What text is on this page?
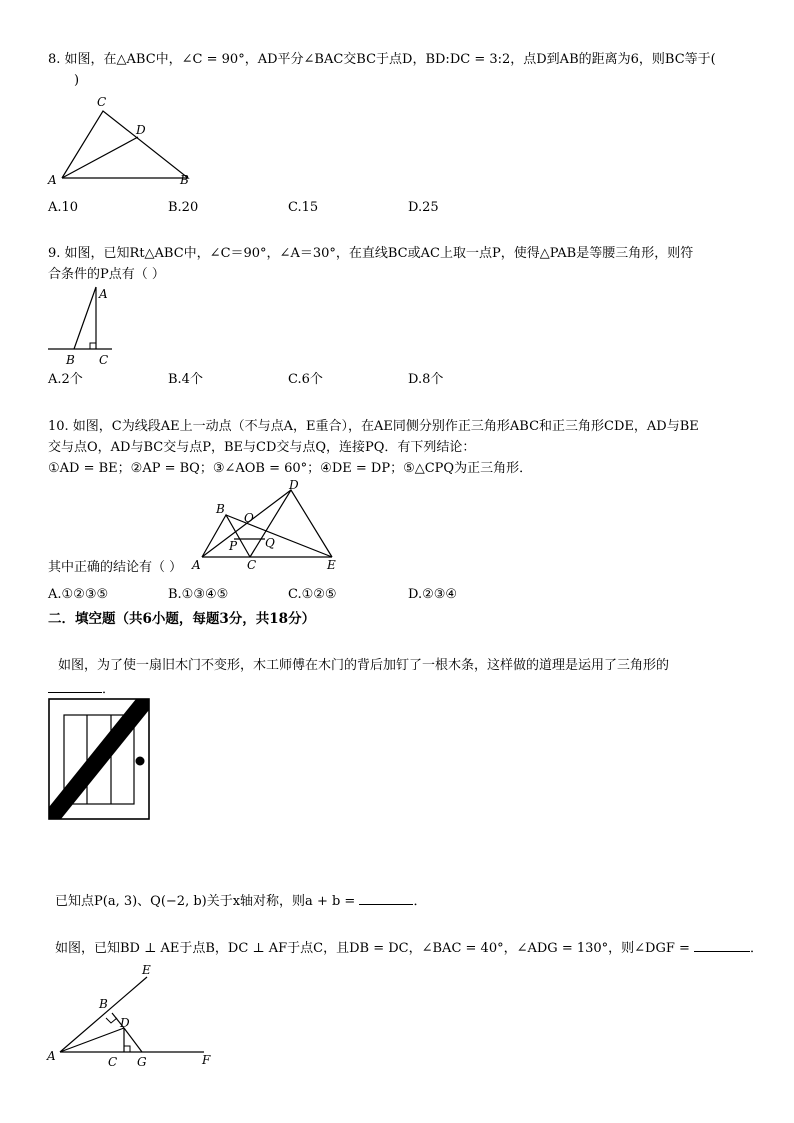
8. 如图，在△ABC中，∠C = 90°，AD平分∠BAC交BC于点D，BD:DC = 3:2，点D到AB的距离为6，则BC等于(
)
C
D
A	B
A.10	B.20	C.15	D.25
9. 如图，已知Rt△ABC中，∠C＝90°，∠A＝30°，在直线BC或AC上取一点P，使得△PAB是等腰三角形，则符
合条件的P点有（ ）
A
B C
A.2个	B.4个	C.6个	D.8个
10. 如图，C为线段AE上一动点（不与点A，E重合），在AE同侧分别作正三角形ABC和正三角形CDE，AD与BE
交与点O，AD与BC交与点P，BE与CD交与点Q，连接PQ．有下列结论：
①AD = BE；②AP = BQ；③∠AOB = 60°；④DE = DP；⑤△CPQ为正三角形．
D
B
O
P Q
A	C	E
其中正确的结论有（ ）
A.①②③⑤	B.①③④⑤	C.①②⑤	D.②③④
二．填空题（共6小题，每题3分，共18分）
如图，为了使一扇旧木门不变形，木工师傅在木门的背后加钉了一根木条，这样做的道理是运用了三角形的
．
已知点P(a, 3)、Q(−2, b)关于x轴对称，则a + b =	．
如图，已知BD ⊥ AE于点B，DC ⊥ AF于点C，且DB = DC，∠BAC = 40°，∠ADG = 130°，则∠DGF =	．
E
B
D
A	C G	F
